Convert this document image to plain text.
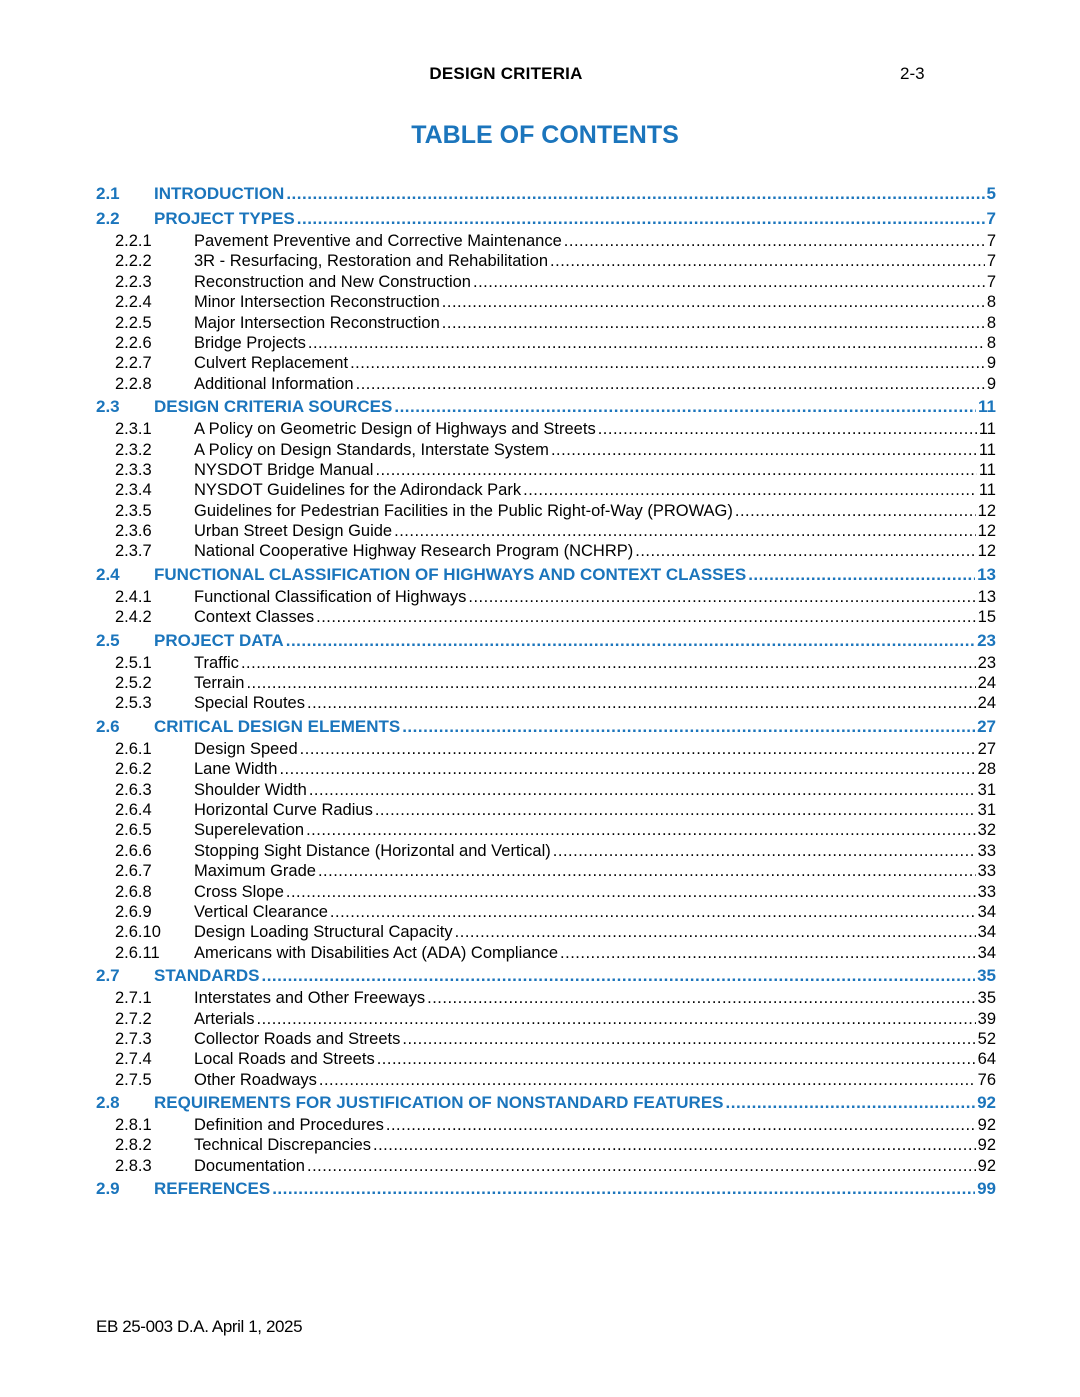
DESIGN CRITERIA	2-3
TABLE OF CONTENTS
2.1	INTRODUCTION .....	5
2.2	PROJECT TYPES .....	7
2.2.1	Pavement Preventive and Corrective Maintenance .....	7
2.2.2	3R - Resurfacing, Restoration and Rehabilitation .....	7
2.2.3	Reconstruction and New Construction .....	7
2.2.4	Minor Intersection Reconstruction .....	8
2.2.5	Major Intersection Reconstruction .....	8
2.2.6	Bridge Projects .....	8
2.2.7	Culvert Replacement .....	9
2.2.8	Additional Information .....	9
2.3	DESIGN CRITERIA SOURCES .....	11
2.3.1	A Policy on Geometric Design of Highways and Streets .....	11
2.3.2	A Policy on Design Standards, Interstate System .....	11
2.3.3	NYSDOT Bridge Manual .....	11
2.3.4	NYSDOT Guidelines for the Adirondack Park .....	11
2.3.5	Guidelines for Pedestrian Facilities in the Public Right-of-Way (PROWAG) .....	12
2.3.6	Urban Street Design Guide .....	12
2.3.7	National Cooperative Highway Research Program (NCHRP) .....	12
2.4	FUNCTIONAL CLASSIFICATION OF HIGHWAYS AND CONTEXT CLASSES .....	13
2.4.1	Functional Classification of Highways .....	13
2.4.2	Context Classes .....	15
2.5	PROJECT DATA .....	23
2.5.1	Traffic .....	23
2.5.2	Terrain .....	24
2.5.3	Special Routes .....	24
2.6	CRITICAL DESIGN ELEMENTS .....	27
2.6.1	Design Speed .....	27
2.6.2	Lane Width .....	28
2.6.3	Shoulder Width .....	31
2.6.4	Horizontal Curve Radius .....	31
2.6.5	Superelevation .....	32
2.6.6	Stopping Sight Distance (Horizontal and Vertical) .....	33
2.6.7	Maximum Grade .....	33
2.6.8	Cross Slope .....	33
2.6.9	Vertical Clearance .....	34
2.6.10	Design Loading Structural Capacity .....	34
2.6.11	Americans with Disabilities Act (ADA) Compliance .....	34
2.7	STANDARDS .....	35
2.7.1	Interstates and Other Freeways .....	35
2.7.2	Arterials .....	39
2.7.3	Collector Roads and Streets .....	52
2.7.4	Local Roads and Streets .....	64
2.7.5	Other Roadways .....	76
2.8	REQUIREMENTS FOR JUSTIFICATION OF NONSTANDARD FEATURES .....	92
2.8.1	Definition and Procedures .....	92
2.8.2	Technical Discrepancies .....	92
2.8.3	Documentation .....	92
2.9	REFERENCES .....	99
EB 25-003 D.A. April 1, 2025
